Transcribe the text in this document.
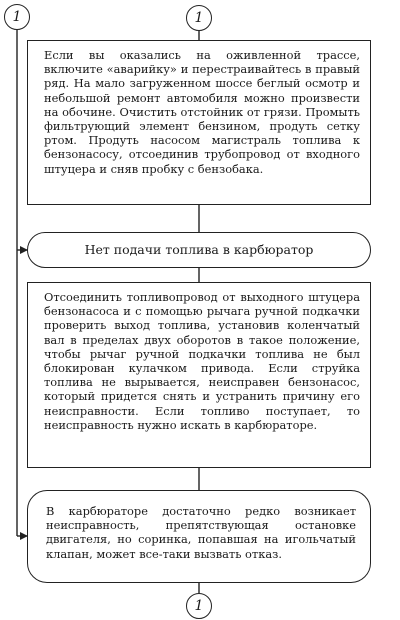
1	1

Если вы оказались на оживленной трассе, включите «аварийку» и перестраивайтесь в правый ряд. На мало загруженном шоссе беглый осмотр и небольшой ремонт автомобиля можно произвести на обочине. Очистить отстойник от грязи. Промыть фильтрующий элемент бензином, продуть сетку ртом. Продуть насосом магистраль топлива к бензонасосу, отсоединив трубопровод от входного штуцера и сняв пробку с бензобака.

Нет подачи топлива в карбюратор

Отсоединить топливопровод от выходного штуцера бензонасоса и с помощью рычага ручной подкачки проверить выход топлива, установив коленчатый вал в пределах двух оборотов в такое положение, чтобы рычаг ручной подкачки топлива не был блокирован кулачком привода. Если струйка топлива не вырывается, неисправен бензонасос, который придется снять и устранить причину его неисправности. Если топливо поступает, то неисправность нужно искать в карбюраторе.

В карбюраторе достаточно редко возникает неисправность, препятствующая остановке двигателя, но соринка, попавшая на игольчатый клапан, может все-таки вызвать отказ.

1
